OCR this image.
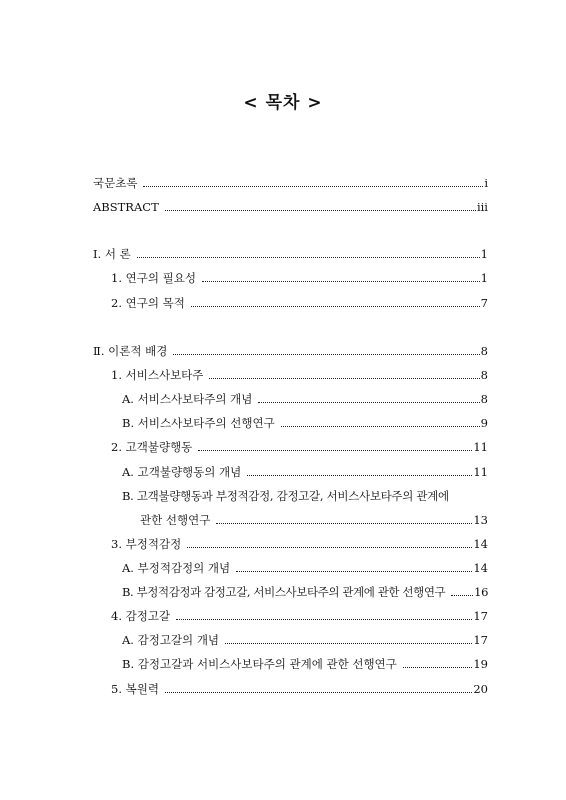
< 목차 >
국문초록	i
ABSTRACT	iii
Ⅰ. 서 론	1
1. 연구의 필요성	1
2. 연구의 목적	7
Ⅱ. 이론적 배경	8
1. 서비스사보타주	8
A. 서비스사보타주의 개념	8
B. 서비스사보타주의 선행연구	9
2. 고객불량행동	11
A. 고객불량행동의 개념	11
B. 고객불량행동과 부정적감정, 감정고갈, 서비스사보타주의 관계에
관한 선행연구	13
3. 부정적감정	14
A. 부정적감정의 개념	14
B. 부정적감정과 감정고갈, 서비스사보타주의 관계에 관한 선행연구	16
4. 감정고갈	17
A. 감정고갈의 개념	17
B. 감정고갈과 서비스사보타주의 관계에 관한 선행연구	19
5. 복원력	20
